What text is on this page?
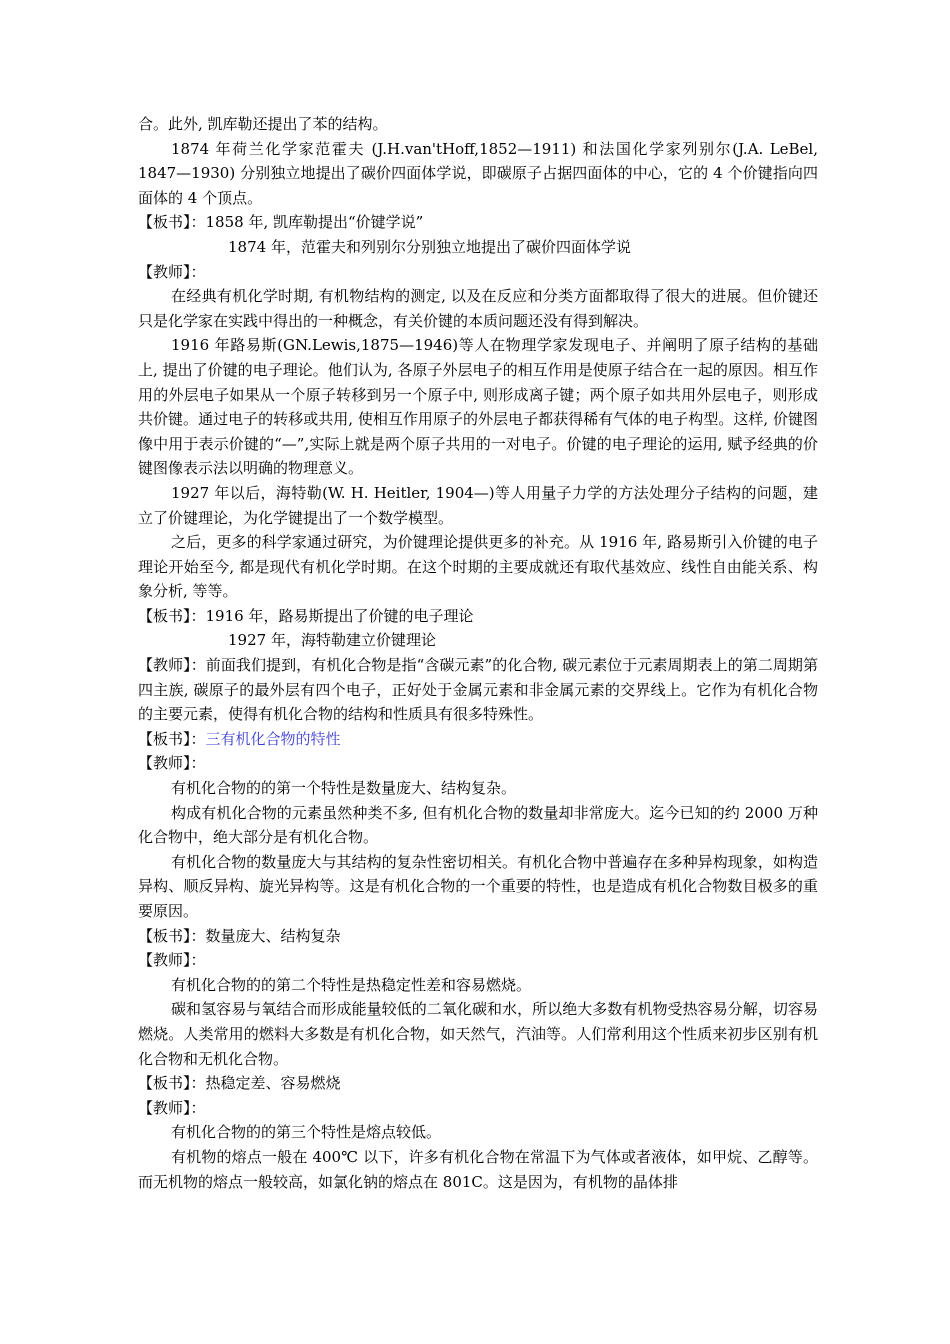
合。此外, 凯库勒还提出了苯的结构。

1874 年荷兰化学家范霍夫 (J.H.van'tHoff,1852—1911) 和法国化学家列别尔(J.A. LeBel, 1847—1930) 分别独立地提出了碳价四面体学说，即碳原子占据四面体的中心，它的 4 个价键指向四面体的 4 个顶点。

【板书】：1858 年, 凯库勒提出“价键学说”

1874 年，范霍夫和列别尔分别独立地提出了碳价四面体学说

【教师】：

在经典有机化学时期, 有机物结构的测定, 以及在反应和分类方面都取得了很大的进展。但价键还只是化学家在实践中得出的一种概念，有关价键的本质问题还没有得到解决。

1916 年路易斯(GN.Lewis,1875—1946)等人在物理学家发现电子、并阐明了原子结构的基础上, 提出了价键的电子理论。他们认为, 各原子外层电子的相互作用是使原子结合在一起的原因。相互作用的外层电子如果从一个原子转移到另一个原子中, 则形成离子键；两个原子如共用外层电子，则形成共价键。通过电子的转移或共用, 使相互作用原子的外层电子都获得稀有气体的电子构型。这样, 价键图像中用于表示价键的“—”,实际上就是两个原子共用的一对电子。价键的电子理论的运用, 赋予经典的价键图像表示法以明确的物理意义。

1927 年以后，海特勒(W. H. Heitler, 1904—)等人用量子力学的方法处理分子结构的问题，建立了价键理论，为化学键提出了一个数学模型。

之后，更多的科学家通过研究，为价键理论提供更多的补充。从 1916 年, 路易斯引入价键的电子理论开始至今, 都是现代有机化学时期。在这个时期的主要成就还有取代基效应、线性自由能关系、构象分析, 等等。

【板书】：1916 年，路易斯提出了价键的电子理论

1927 年，海特勒建立价键理论

【教师】：前面我们提到，有机化合物是指“含碳元素”的化合物, 碳元素位于元素周期表上的第二周期第四主族, 碳原子的最外层有四个电子，正好处于金属元素和非金属元素的交界线上。它作为有机化合物的主要元素，使得有机化合物的结构和性质具有很多特殊性。

【板书】：三有机化合物的特性

【教师】：

有机化合物的的第一个特性是数量庞大、结构复杂。

构成有机化合物的元素虽然种类不多, 但有机化合物的数量却非常庞大。迄今已知的约 2000 万种化合物中，绝大部分是有机化合物。

有机化合物的数量庞大与其结构的复杂性密切相关。有机化合物中普遍存在多种异构现象，如构造异构、顺反异构、旋光异构等。这是有机化合物的一个重要的特性，也是造成有机化合物数目极多的重要原因。

【板书】：数量庞大、结构复杂

【教师】：

有机化合物的的第二个特性是热稳定性差和容易燃烧。

碳和氢容易与氧结合而形成能量较低的二氧化碳和水，所以绝大多数有机物受热容易分解，切容易燃烧。人类常用的燃料大多数是有机化合物，如天然气，汽油等。人们常利用这个性质来初步区别有机化合物和无机化合物。

【板书】：热稳定差、容易燃烧

【教师】：

有机化合物的的第三个特性是熔点较低。

有机物的熔点一般在 400℃ 以下，许多有机化合物在常温下为气体或者液体，如甲烷、乙醇等。而无机物的熔点一般较高，如氯化钠的熔点在 801C。这是因为，有机物的晶体排
